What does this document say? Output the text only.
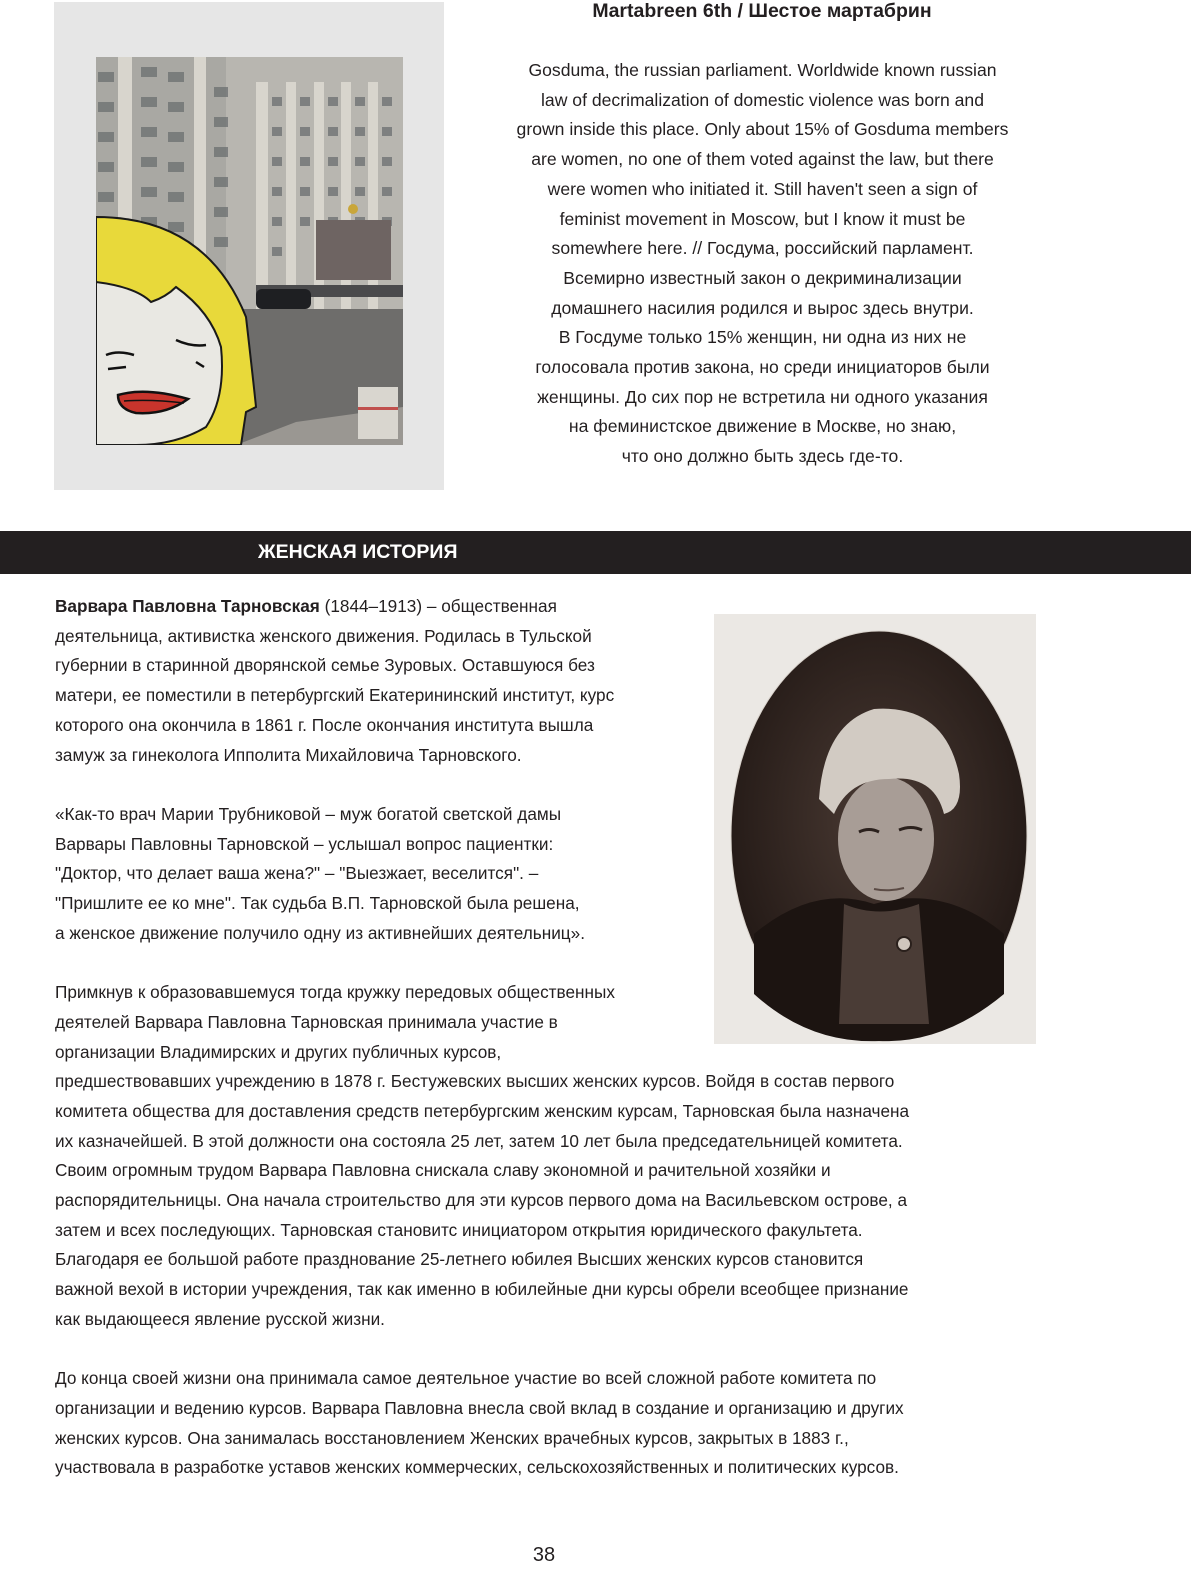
Martabreen 6th / Шестое мартабрин
Gosduma, the russian parliament. Worldwide known russian
law of decrimalization of domestic violence was born and
grown inside this place. Only about 15% of Gosduma members
are women, no one of them voted against the law, but there
were women who initiated it. Still haven't seen a sign of
feminist movement in Moscow, but I know it must be
somewhere here. // Госдума, российский парламент.
Всемирно известный закон о декриминализации
домашнего насилия родился и вырос здесь внутри.
В Госдуме только 15% женщин, ни одна из них не
голосовала против закона, но среди инициаторов были
женщины. До сих пор не встретила ни одного указания
на феминистское движение в Москве, но знаю,
что оно должно быть здесь где-то.
ЖЕНСКАЯ ИСТОРИЯ
Варвара Павловна Тарновская (1844–1913) – общественная
деятельница, активистка женского движения. Родилась в Тульской
губернии в старинной дворянской семье Зуровых. Оставшуюся без
матери, ее поместили в петербургский Екатерининский институт, курс
которого она окончила в 1861 г. После окончания института вышла
замуж за гинеколога Ипполита Михайловича Тарновского.
«Как-то врач Марии Трубниковой – муж богатой светской дамы
Варвары Павловны Тарновской – услышал вопрос пациентки:
"Доктор, что делает ваша жена?" – "Выезжает, веселится". –
"Пришлите ее ко мне". Так судьба В.П. Тарновской была решена,
а женское движение получило одну из активнейших деятельниц».
Примкнув к образовавшемуся тогда кружку передовых общественных
деятелей Варвара Павловна Тарновская принимала участие в
организации Владимирских и других публичных курсов,
предшествовавших учреждению в 1878 г. Бестужевских высших женских курсов. Войдя в состав первого
комитета общества для доставления средств петербургским женским курсам, Тарновская была назначена
их казначейшей. В этой должности она состояла 25 лет, затем 10 лет была председательницей комитета.
Своим огромным трудом Варвара Павловна снискала славу экономной и рачительной хозяйки и
распорядительницы. Она начала строительство для эти курсов первого дома на Васильевском острове, а
затем и всех последующих. Тарновская становитс инициатором открытия юридического факультета.
Благодаря ее большой работе празднование 25-летнего юбилея Высших женских курсов становится
важной вехой в истории учреждения, так как именно в юбилейные дни курсы обрели всеобщее признание
как выдающееся явление русской жизни.
До конца своей жизни она принимала самое деятельное участие во всей сложной работе комитета по
организации и ведению курсов. Варвара Павловна внесла свой вклад в создание и организацию и других
женских курсов. Она занималась восстановлением Женских врачебных курсов, закрытых в 1883 г.,
участвовала в разработке уставов женских коммерческих, сельскохозяйственных и политических курсов.
38
